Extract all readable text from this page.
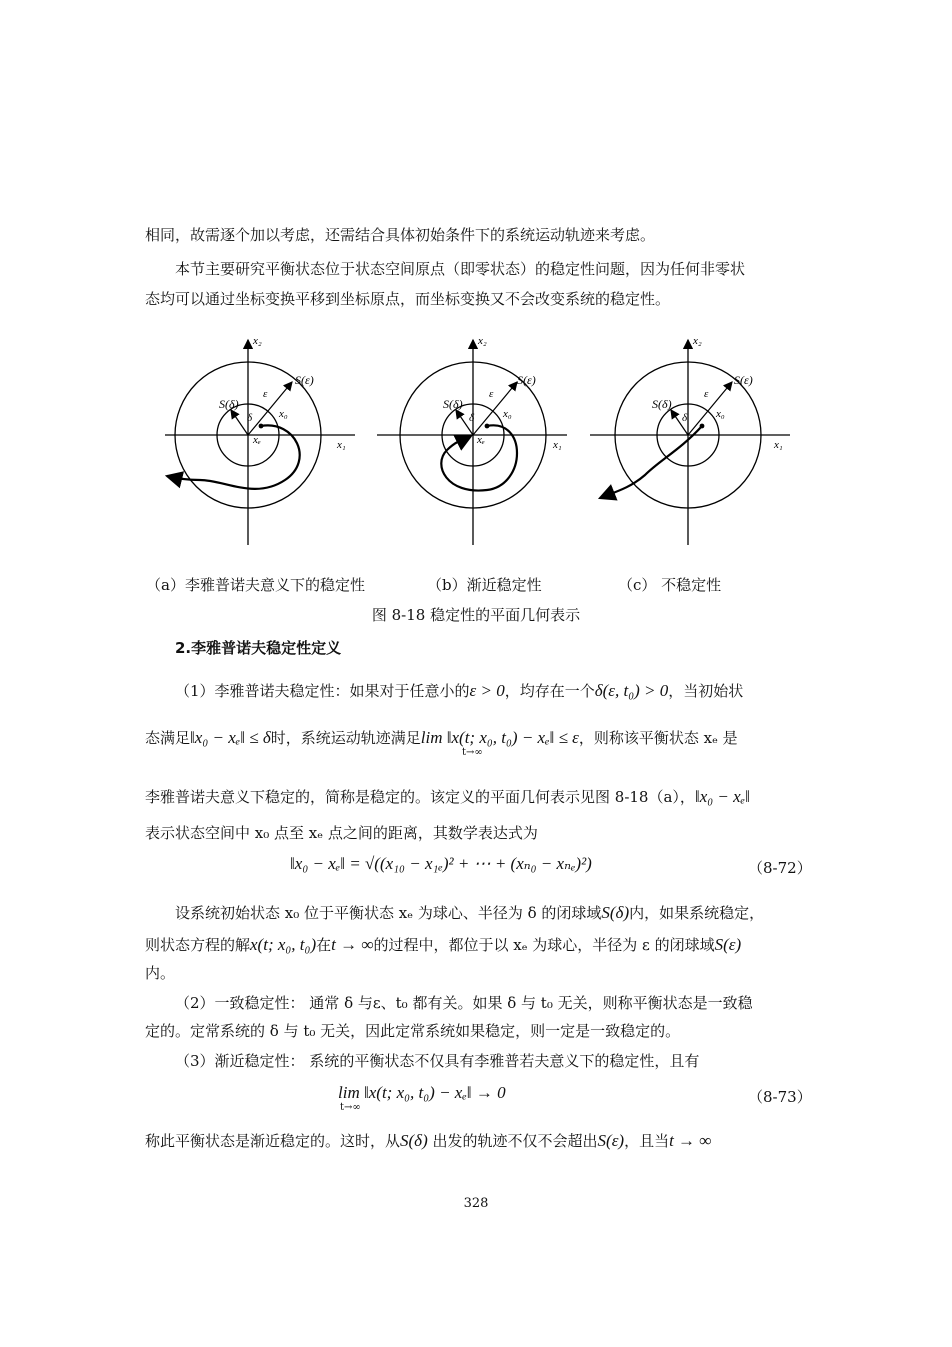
相同，故需逐个加以考虑，还需结合具体初始条件下的系统运动轨迹来考虑。
本节主要研究平衡状态位于状态空间原点（即零状态）的稳定性问题，因为任何非零状
态均可以通过坐标变换平移到坐标原点，而坐标变换又不会改变系统的稳定性。
x₂
x₁
S(ε)
S(δ)
ε
δ x₀
xₑ
x₂
x₁
S(ε)
S(δ)
ε
δ	x₀
xₑ
x₂
x₁
S(ε)
S(δ)
ε
δ	x₀
（a）李雅普诺夫意义下的稳定性	（b）渐近稳定性	（c） 不稳定性
图 8-18 稳定性的平面几何表示
2.李雅普诺夫稳定性定义
（1）李雅普诺夫稳定性：如果对于任意小的ε > 0，均存在一个δ(ε, t₀) > 0，当初始状
态满足‖x₀ − xₑ‖ ≤ δ时，系统运动轨迹满足lim ‖x(t; x₀, t₀) − xₑ‖ ≤ ε，则称该平衡状态 xₑ 是
t→∞
李雅普诺夫意义下稳定的，简称是稳定的。该定义的平面几何表示见图 8-18（a），‖x₀ − xₑ‖
表示状态空间中 x₀ 点至 xₑ 点之间的距离，其数学表达式为
‖x₀ − xₑ‖ = √((x₁₀ − x₁ₑ)² + ⋯ + (xₙ₀ − xₙₑ)²)	（8-72）
设系统初始状态 x₀ 位于平衡状态 xₑ 为球心、半径为 δ 的闭球域S(δ)内，如果系统稳定，
则状态方程的解x(t; x₀, t₀)在t → ∞的过程中，都位于以 xₑ 为球心，半径为 ε 的闭球域S(ε)
内。
（2）一致稳定性： 通常 δ 与ε、t₀ 都有关。如果 δ 与 t₀ 无关，则称平衡状态是一致稳
定的。定常系统的 δ 与 t₀ 无关，因此定常系统如果稳定，则一定是一致稳定的。
（3）渐近稳定性： 系统的平衡状态不仅具有李雅普若夫意义下的稳定性，且有
lim ‖x(t; x₀, t₀) − xₑ‖ → 0
t→∞
（8-73）
称此平衡状态是渐近稳定的。这时，从S(δ) 出发的轨迹不仅不会超出S(ε)，且当t → ∞
328
